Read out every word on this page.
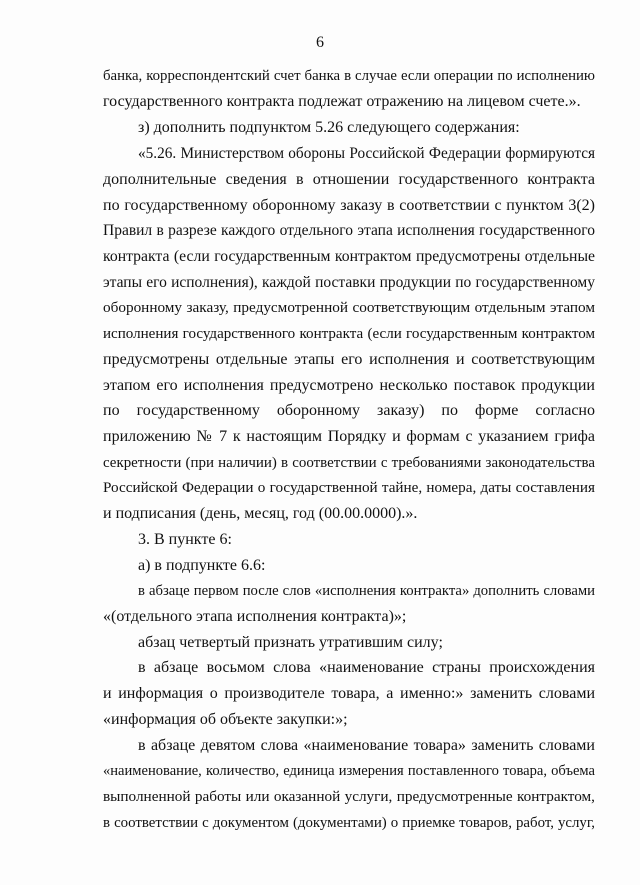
6
банка, корреспондентский счет банка в случае если операции по исполнению
государственного контракта подлежат отражению на лицевом счете.».
з) дополнить подпунктом 5.26 следующего содержания:
«5.26. Министерством обороны Российской Федерации формируются
дополнительные сведения в отношении государственного контракта
по государственному оборонному заказу в соответствии с пунктом 3(2)
Правил в разрезе каждого отдельного этапа исполнения государственного
контракта (если государственным контрактом предусмотрены отдельные
этапы его исполнения), каждой поставки продукции по государственному
оборонному заказу, предусмотренной соответствующим отдельным этапом
исполнения государственного контракта (если государственным контрактом
предусмотрены отдельные этапы его исполнения и соответствующим
этапом его исполнения предусмотрено несколько поставок продукции
по государственному оборонному заказу) по форме согласно
приложению № 7 к настоящим Порядку и формам с указанием грифа
секретности (при наличии) в соответствии с требованиями законодательства
Российской Федерации о государственной тайне, номера, даты составления
и подписания (день, месяц, год (00.00.0000).».
3. В пункте 6:
а) в подпункте 6.6:
в абзаце первом после слов «исполнения контракта» дополнить словами
«(отдельного этапа исполнения контракта)»;
абзац четвертый признать утратившим силу;
в абзаце восьмом слова «наименование страны происхождения
и информация о производителе товара, а именно:» заменить словами
«информация об объекте закупки:»;
в абзаце девятом слова «наименование товара» заменить словами
«наименование, количество, единица измерения поставленного товара, объема
выполненной работы или оказанной услуги, предусмотренные контрактом,
в соответствии с документом (документами) о приемке товаров, работ, услуг,
